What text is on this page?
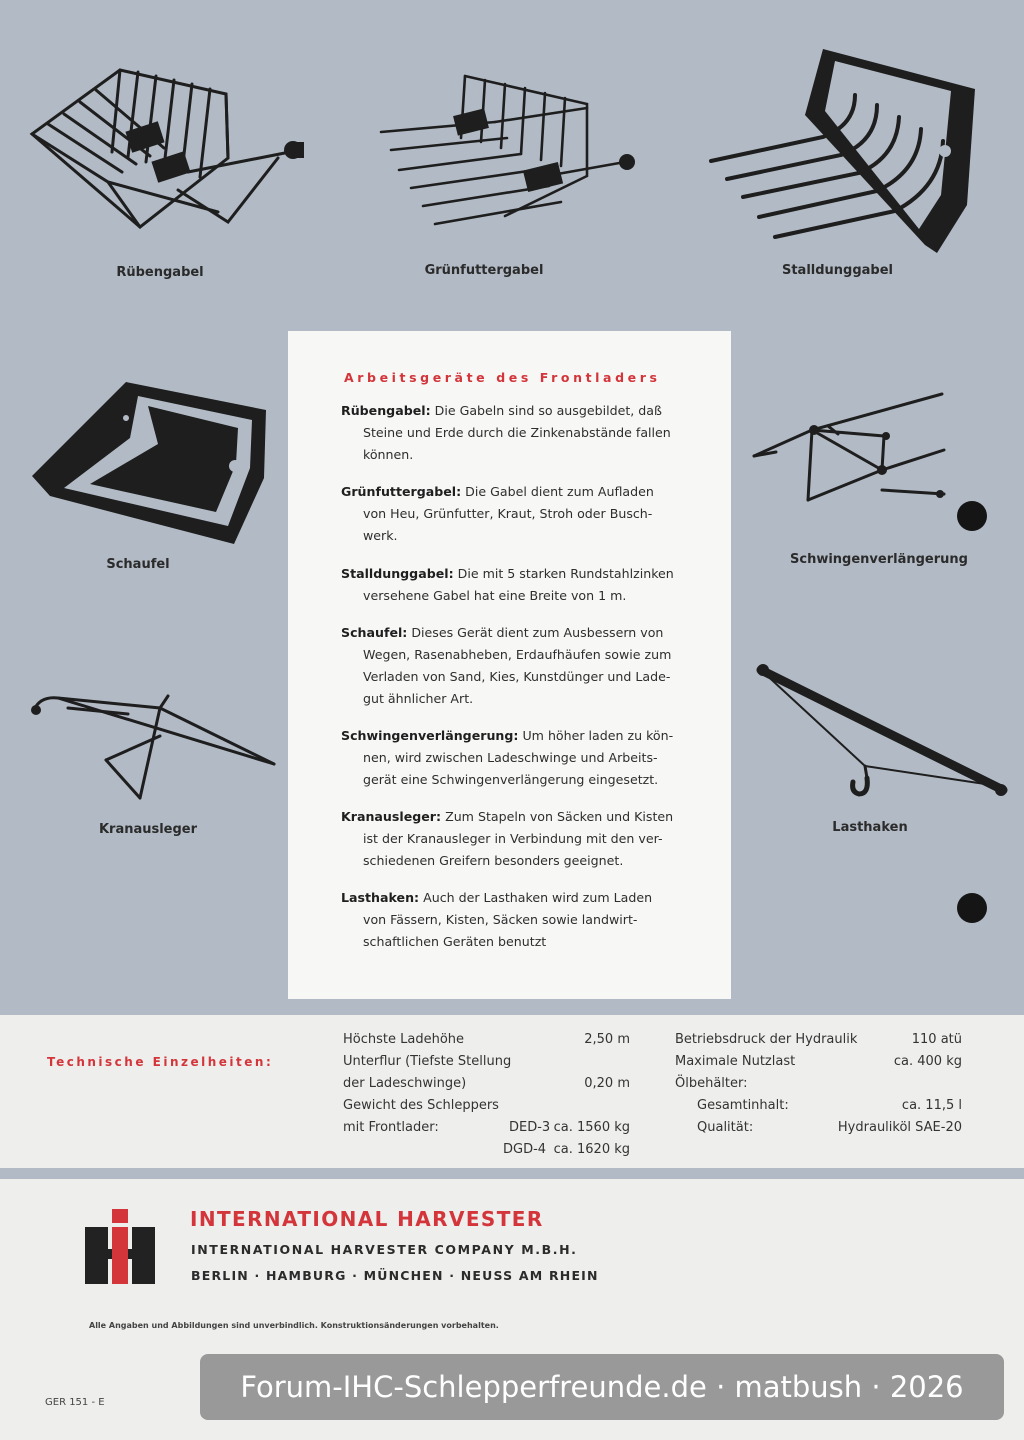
Rübengabel	Grünfuttergabel	Stalldunggabel
Schaufel	Schwingenverlängerung
Kranausleger	Lasthaken
Arbeitsgeräte des Frontladers
Rübengabel: Die Gabeln sind so ausgebildet, daß
Steine und Erde durch die Zinkenabstände fallen
können.
Grünfuttergabel: Die Gabel dient zum Aufladen
von Heu, Grünfutter, Kraut, Stroh oder Busch-
werk.
Stalldunggabel: Die mit 5 starken Rundstahlzinken
versehene Gabel hat eine Breite von 1 m.
Schaufel: Dieses Gerät dient zum Ausbessern von
Wegen, Rasenabheben, Erdaufhäufen sowie zum
Verladen von Sand, Kies, Kunstdünger und Lade-
gut ähnlicher Art.
Schwingenverlängerung: Um höher laden zu kön-
nen, wird zwischen Ladeschwinge und Arbeits-
gerät eine Schwingenverlängerung eingesetzt.
Kranausleger: Zum Stapeln von Säcken und Kisten
ist der Kranausleger in Verbindung mit den ver-
schiedenen Greifern besonders geeignet.
Lasthaken: Auch der Lasthaken wird zum Laden
von Fässern, Kisten, Säcken sowie landwirt-
schaftlichen Geräten benutzt
Technische Einzelheiten:
Höchste Ladehöhe	2,50 m
Unterflur (Tiefste Stellung
der Ladeschwinge)	0,20 m
Gewicht des Schleppers
mit Frontlader:	DED-3 ca. 1560 kg
DGD-4 ca. 1620 kg
Betriebsdruck der Hydraulik	110 atü
Maximale Nutzlast	ca. 400 kg
Ölbehälter:
Gesamtinhalt:	ca. 11,5 l
Qualität:	Hydrauliköl SAE-20
INTERNATIONAL HARVESTER
INTERNATIONAL HARVESTER COMPANY M.B.H.
BERLIN · HAMBURG · MÜNCHEN · NEUSS AM RHEIN
Alle Angaben und Abbildungen sind unverbindlich. Konstruktionsänderungen vorbehalten.
GER 151 - E	Forum-IHC-Schlepperfreunde.de · matbush · 2026
